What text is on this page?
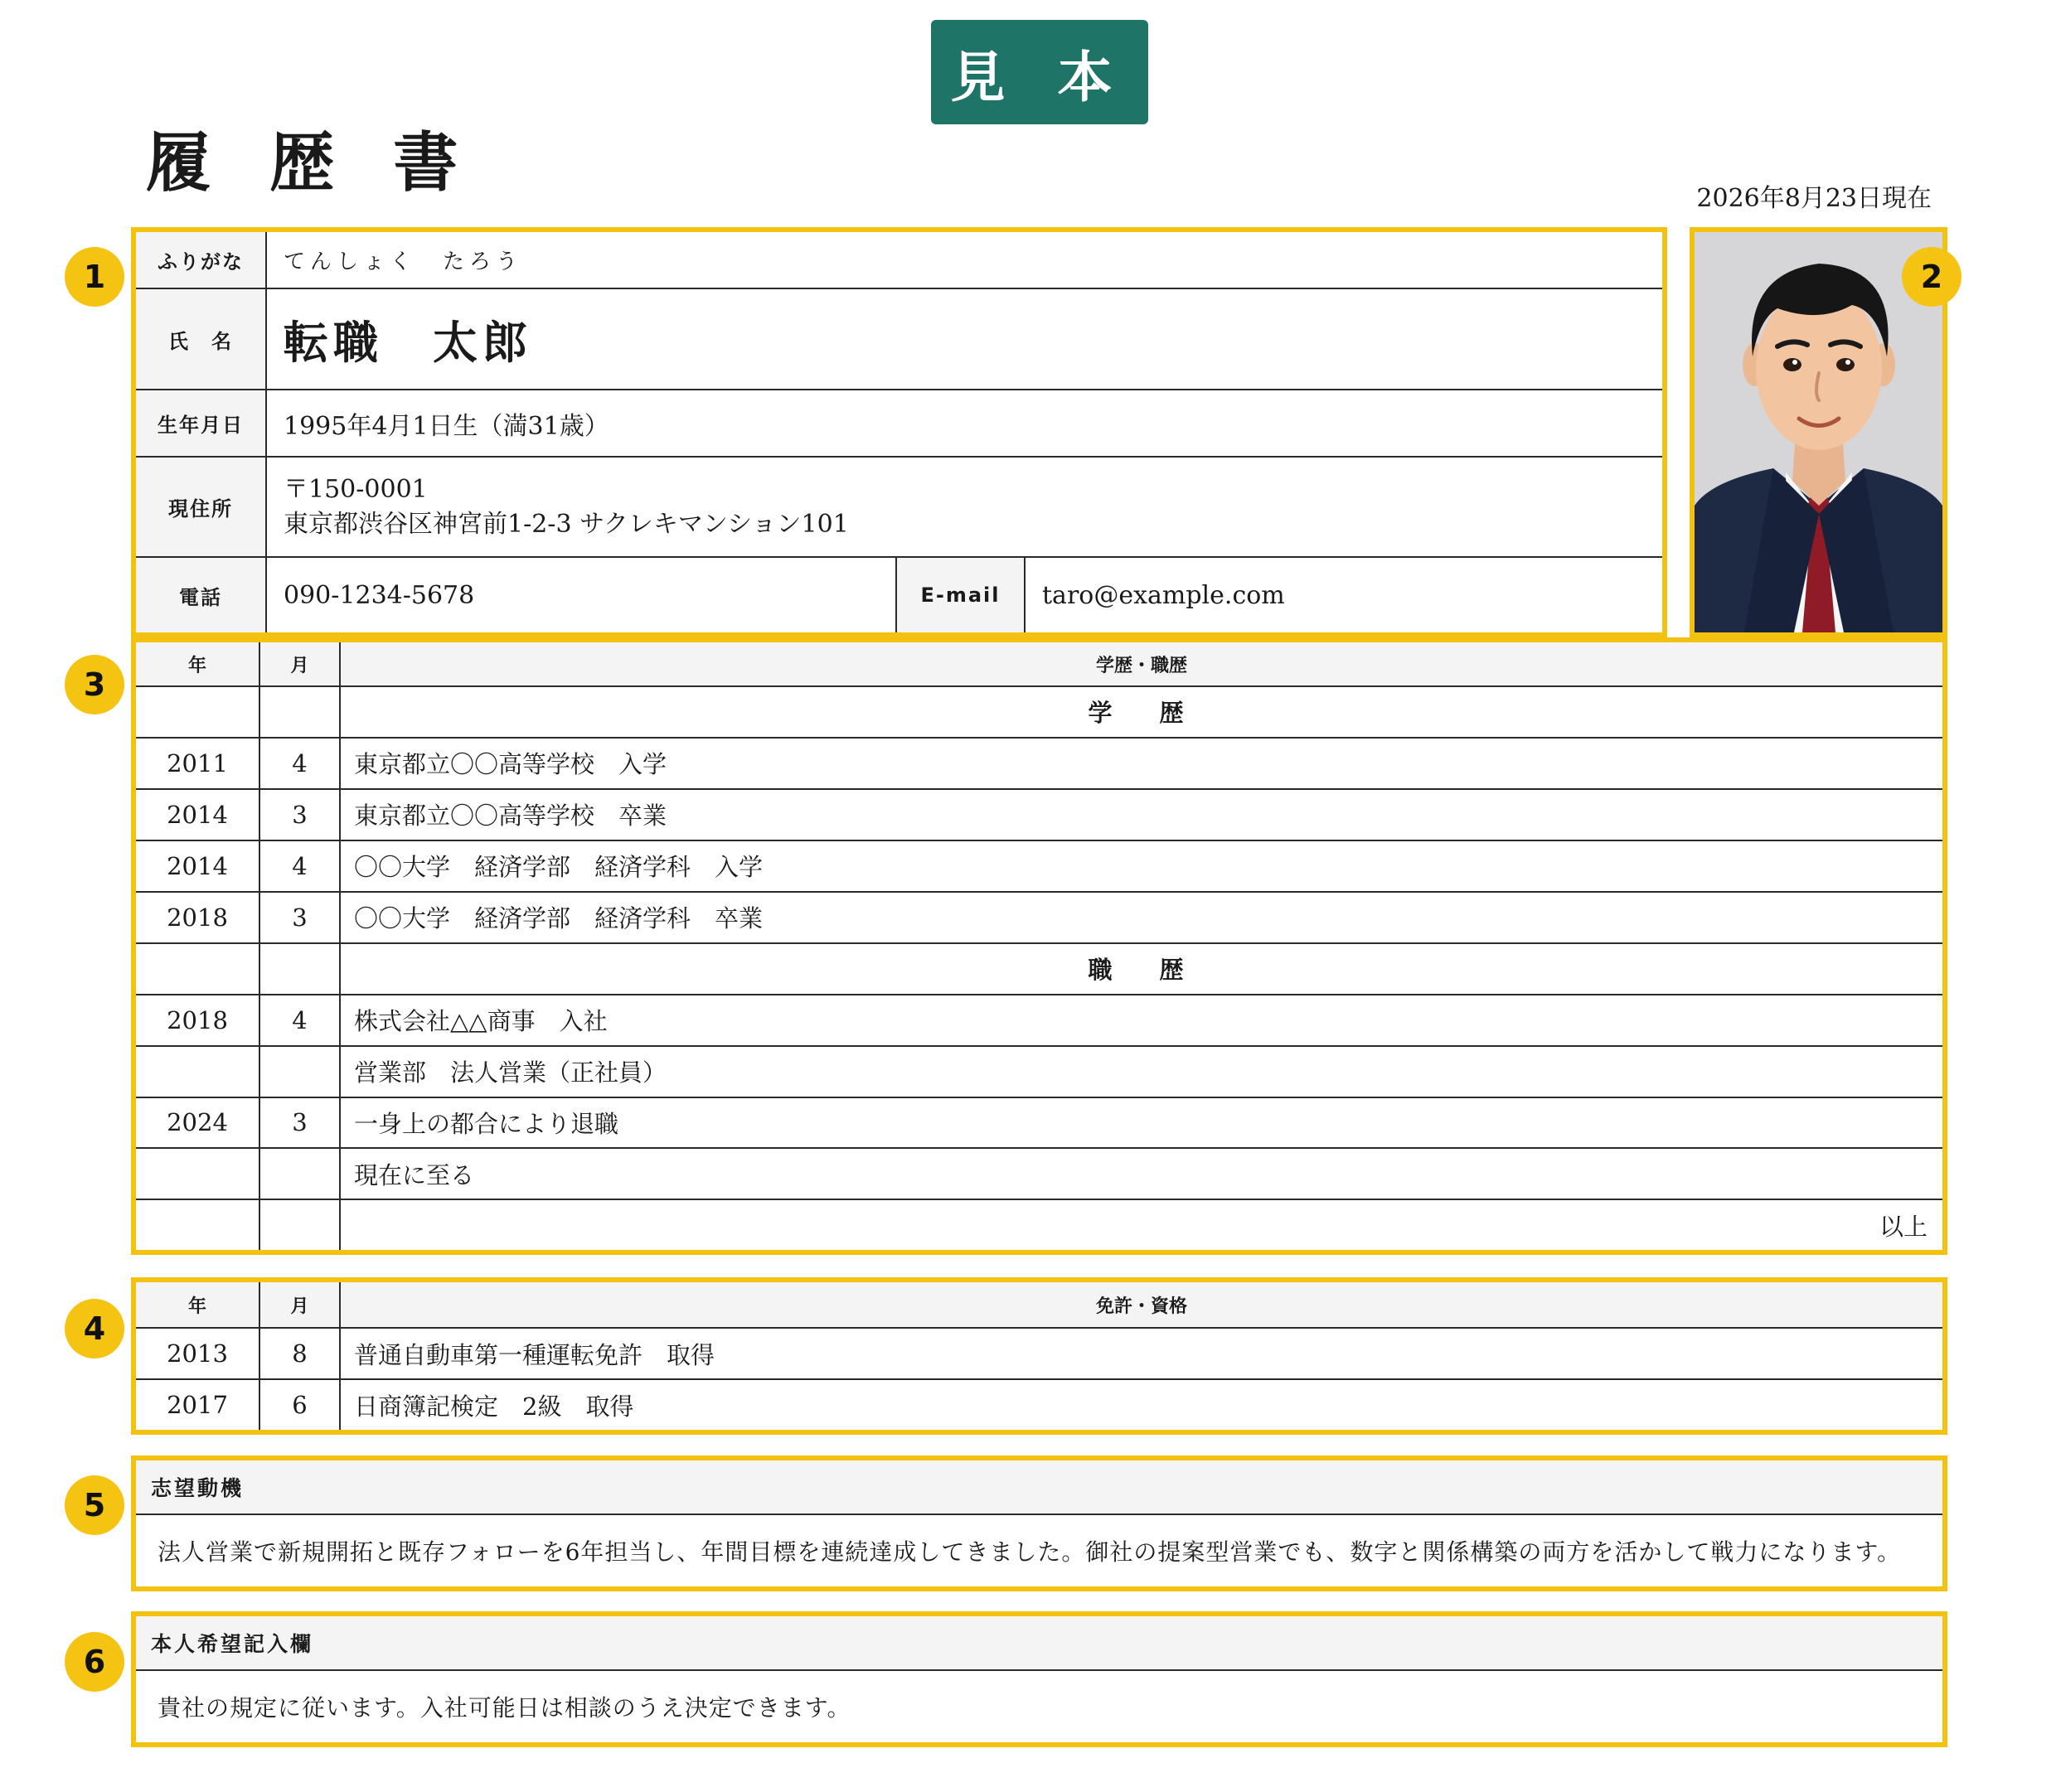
見 本
履 歴 書	2026年8月23日現在
1	2
3
4
5
6
ふりがな	てんしょく　たろう		
氏　名	転職　太郎		
生年月日	1995年4月1日生（満31歳）		
現住所	〒150-0001
東京都渋谷区神宮前1-2-3 サクレキマンション101		

電話	090-1234-5678	E-mail	taro@example.com
年	月	学歴・職歴
		学　歴
2011	4	東京都立〇〇高等学校　入学
2014	3	東京都立〇〇高等学校　卒業
2014	4	〇〇大学　経済学部　経済学科　入学
2018	3	〇〇大学　経済学部　経済学科　卒業
		職　歴
2018	4	株式会社△△商事　入社
		営業部　法人営業（正社員）
2024	3	一身上の都合により退職
		現在に至る
		以上
年	月	免許・資格
2013	8	普通自動車第一種運転免許　取得
2017	6	日商簿記検定　2級　取得
志望動機
法人営業で新規開拓と既存フォローを6年担当し、年間目標を連続達成してきました。御社の提案型営業でも、数字と関係構築の両方を活かして戦力になります。
本人希望記入欄
貴社の規定に従います。入社可能日は相談のうえ決定できます。
